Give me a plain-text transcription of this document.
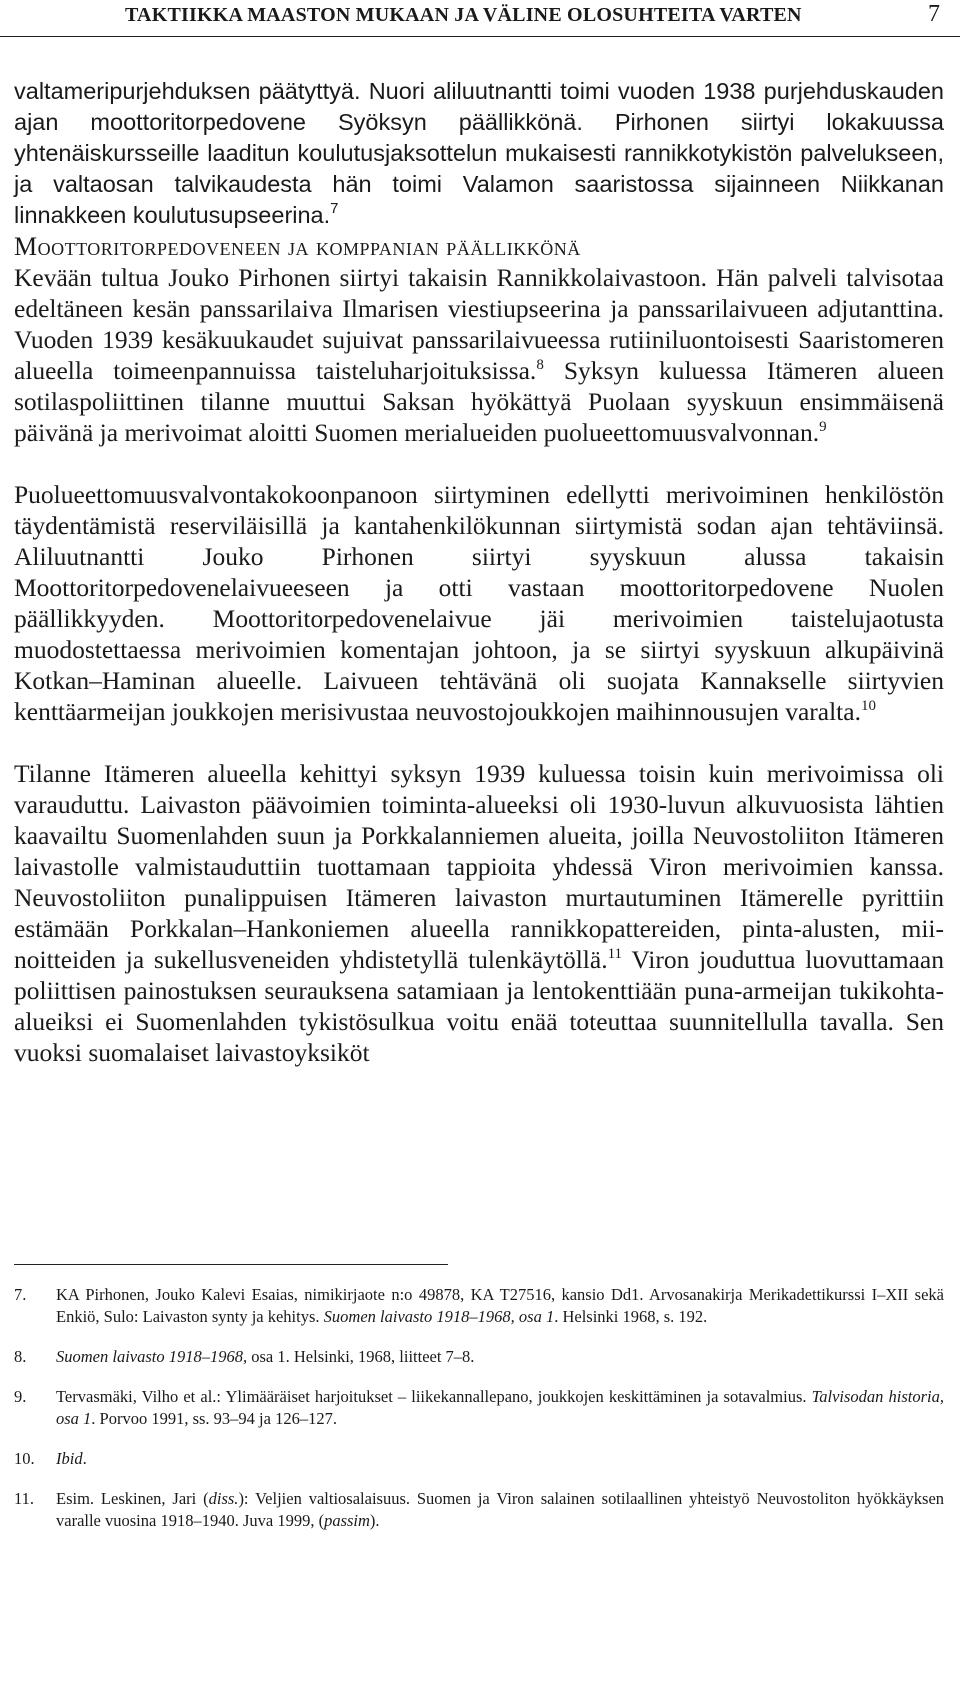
TAKTIIKKA MAASTON MUKAAN JA VÄLINE OLOSUHTEITA VARTEN	7

valtameripurjehduksen päätyttyä. Nuori aliluutnantti toimi vuoden 1938 purjehduskauden ajan moottoritorpedovene Syöksyn päällikkönä. Pirhonen siirtyi lokakuussa yhtenäiskursseille laaditun koulutusjaksottelun mukaisesti rannikkotykistön palvelukseen, ja valtaosan talvikaudesta hän toimi Valamon saaristossa sijainneen Niikkanan linnakkeen koulutusupseerina.$^7$

Moottoritorpedoveneen ja komppanian päällikkönä

Kevään tultua Jouko Pirhonen siirtyi takaisin Rannikkolaivastoon. Hän palveli talvisotaa edeltäneen kesän panssarilaiva Ilmarisen viestiupseerina ja panssarilaivueen adjutanttina. Vuoden 1939 kesäkuukaudet sujuivat panssarilaivueessa rutiiniluontoisesti Saaristomeren alueella toimeenpannuissa taisteluharjoituksissa.$^8$ Syksyn kuluessa Itämeren alueen sotilaspoliittinen tilanne muuttui Saksan hyökättyä Puolaan syyskuun ensimmäisenä päivänä ja merivoimat aloitti Suomen merialueiden puolueettomuusvalvonnan.$^9$

Puolueettomuusvalvontakokoonpanoon siirtyminen edellytti merivoiminen henkilöstön täydentämistä reserviläisillä ja kantahenkilökunnan siirtymistä sodan ajan tehtäviinsä. Aliluutnantti Jouko Pirhonen siirtyi syyskuun alussa takaisin Moottoritorpedovenelaivueeseen ja otti vastaan moottoritorpedovene Nuolen päällikkyyden. Moottoritorpedovenelaivue jäi merivoimien taistelujaotusta muodostettaessa merivoimien komentajan johtoon, ja se siirtyi syyskuun alkupäivinä Kotkan–Haminan alueelle. Laivueen tehtävänä oli suojata Kannakselle siirtyvien kenttäarmeijan joukkojen merisivustaa neuvostojoukkojen maihinnousujen varalta.$^{10}$

Tilanne Itämeren alueella kehittyi syksyn 1939 kuluessa toisin kuin merivoimissa oli varauduttu. Laivaston päävoimien toiminta-alueeksi oli 1930-luvun alkuvuosista lähtien kaavailtu Suomenlahden suun ja Porkkalanniemen alueita, joilla Neuvostoliiton Itämeren laivastolle valmistauduttiin tuottamaan tappioita yhdessä Viron merivoimien kanssa. Neuvostoliiton punalippuisen Itämeren laivaston murtautuminen Itämerelle pyrittiin estämään Porkkalan–Hankoniemen alueella rannikkopattereiden, pinta-alusten, miinoitteiden ja sukellusveneiden yhdistetyllä tulenkäytöllä.$^{11}$ Viron jouduttua luovuttamaan poliittisen painostuksen seurauksena satamiaan ja lentokenttiään puna-armeijan tukikohta-alueiksi ei Suomenlahden tykistösulkua voitu enää toteuttaa suunnitellulla tavalla. Sen vuoksi suomalaiset laivastoyksiköt

7. KA Pirhonen, Jouko Kalevi Esaias, nimikirjaote n:o 49878, KA T27516, kansio Dd1. Arvosanakirja Merikadettikurssi I–XII sekä Enkiö, Sulo: Laivaston synty ja kehitys. Suomen laivasto 1918–1968, osa 1. Helsinki 1968, s. 192.
8. Suomen laivasto 1918–1968, osa 1. Helsinki, 1968, liitteet 7–8.
9. Tervasmäki, Vilho et al.: Ylimääräiset harjoitukset – liikekannallepano, joukkojen keskittäminen ja sotavalmius. Talvisodan historia, osa 1. Porvoo 1991, ss. 93–94 ja 126–127.
10. Ibid.
11. Esim. Leskinen, Jari (diss.): Veljien valtiosalaisuus. Suomen ja Viron salainen sotilaallinen yhteistyö Neuvostoliton hyökkäyksen varalle vuosina 1918–1940. Juva 1999, (passim).
